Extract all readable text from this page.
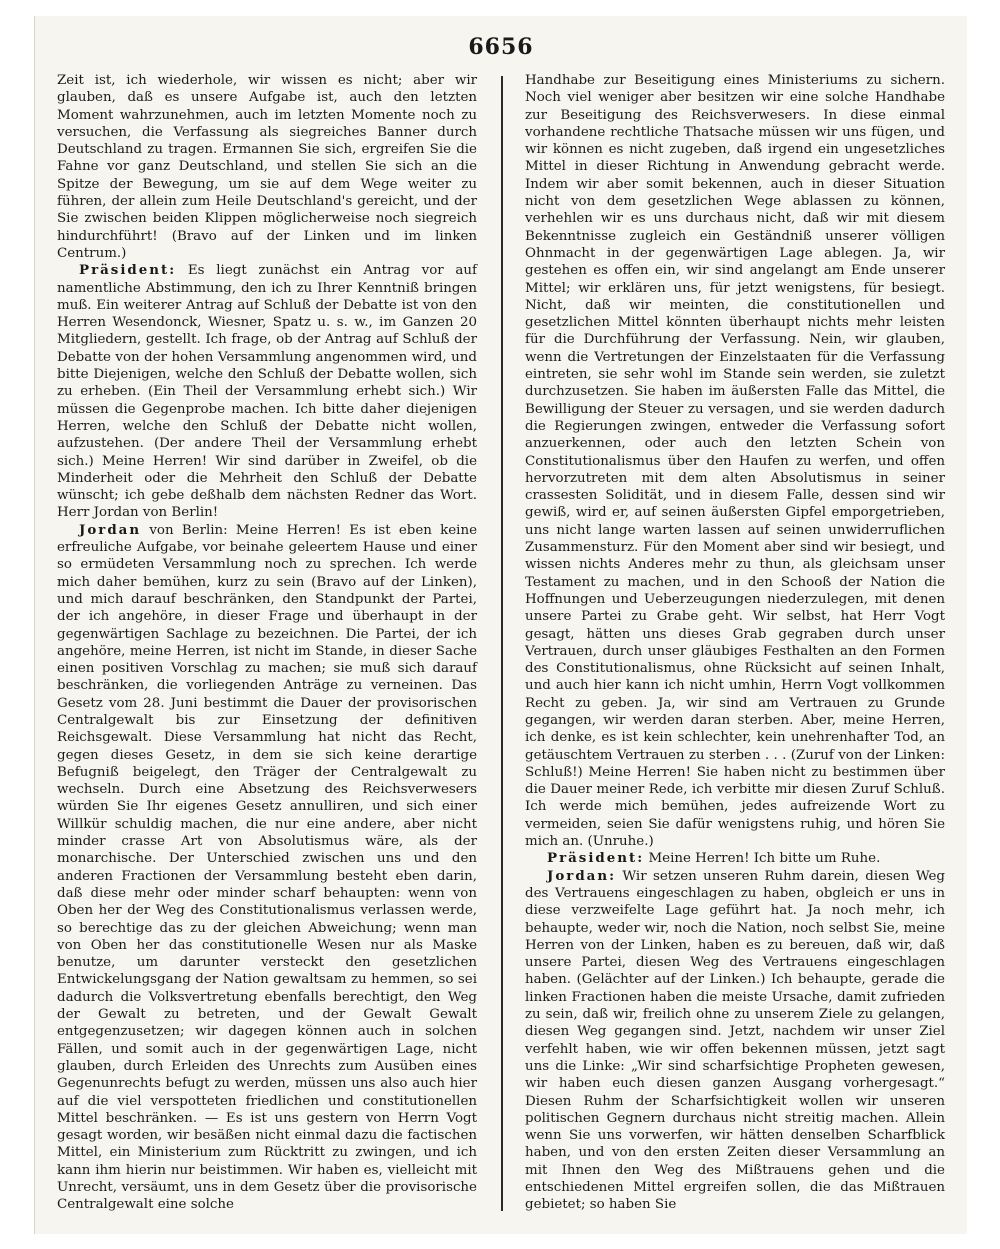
6656

Zeit ist, ich wiederhole, wir wissen es nicht; aber wir glauben, daß es unsere Aufgabe ist, auch den letzten Moment wahrzunehmen, auch im letzten Momente noch zu versuchen, die Verfassung als siegreiches Banner durch Deutschland zu tragen. Ermannen Sie sich, ergreifen Sie die Fahne vor ganz Deutschland, und stellen Sie sich an die Spitze der Bewegung, um sie auf dem Wege weiter zu führen, der allein zum Heile Deutschland's gereicht, und der Sie zwischen beiden Klippen möglicherweise noch siegreich hindurchführt! (Bravo auf der Linken und im linken Centrum.)

Präsident: Es liegt zunächst ein Antrag vor auf namentliche Abstimmung, den ich zu Ihrer Kenntniß bringen muß. Ein weiterer Antrag auf Schluß der Debatte ist von den Herren Wesendonck, Wiesner, Spatz u. s. w., im Ganzen 20 Mitgliedern, gestellt. Ich frage, ob der Antrag auf Schluß der Debatte von der hohen Versammlung angenommen wird, und bitte Diejenigen, welche den Schluß der Debatte wollen, sich zu erheben. (Ein Theil der Versammlung erhebt sich.) Wir müssen die Gegenprobe machen. Ich bitte daher diejenigen Herren, welche den Schluß der Debatte nicht wollen, aufzustehen. (Der andere Theil der Versammlung erhebt sich.) Meine Herren! Wir sind darüber in Zweifel, ob die Minderheit oder die Mehrheit den Schluß der Debatte wünscht; ich gebe deßhalb dem nächsten Redner das Wort. Herr Jordan von Berlin!

Jordan von Berlin: Meine Herren! Es ist eben keine erfreuliche Aufgabe, vor beinahe geleertem Hause und einer so ermüdeten Versammlung noch zu sprechen. Ich werde mich daher bemühen, kurz zu sein (Bravo auf der Linken), und mich darauf beschränken, den Standpunkt der Partei, der ich angehöre, in dieser Frage und überhaupt in der gegenwärtigen Sachlage zu bezeichnen. Die Partei, der ich angehöre, meine Herren, ist nicht im Stande, in dieser Sache einen positiven Vorschlag zu machen; sie muß sich darauf beschränken, die vorliegenden Anträge zu verneinen. Das Gesetz vom 28. Juni bestimmt die Dauer der provisorischen Centralgewalt bis zur Einsetzung der definitiven Reichsgewalt. Diese Versammlung hat nicht das Recht, gegen dieses Gesetz, in dem sie sich keine derartige Befugniß beigelegt, den Träger der Centralgewalt zu wechseln. Durch eine Absetzung des Reichsverwesers würden Sie Ihr eigenes Gesetz annulliren, und sich einer Willkür schuldig machen, die nur eine andere, aber nicht minder crasse Art von Absolutismus wäre, als der monarchische. Der Unterschied zwischen uns und den anderen Fractionen der Versammlung besteht eben darin, daß diese mehr oder minder scharf behaupten: wenn von Oben her der Weg des Constitutionalismus verlassen werde, so berechtige das zu der gleichen Abweichung; wenn man von Oben her das constitutionelle Wesen nur als Maske benutze, um darunter versteckt den gesetzlichen Entwickelungsgang der Nation gewaltsam zu hemmen, so sei dadurch die Volksvertretung ebenfalls berechtigt, den Weg der Gewalt zu betreten, und der Gewalt Gewalt entgegenzusetzen; wir dagegen können auch in solchen Fällen, und somit auch in der gegenwärtigen Lage, nicht glauben, durch Erleiden des Unrechts zum Ausüben eines Gegenunrechts befugt zu werden, müssen uns also auch hier auf die viel verspotteten friedlichen und constitutionellen Mittel beschränken. — Es ist uns gestern von Herrn Vogt gesagt worden, wir besäßen nicht einmal dazu die factischen Mittel, ein Ministerium zum Rücktritt zu zwingen, und ich kann ihm hierin nur beistimmen. Wir haben es, vielleicht mit Unrecht, versäumt, uns in dem Gesetz über die provisorische Centralgewalt eine solche

Handhabe zur Beseitigung eines Ministeriums zu sichern. Noch viel weniger aber besitzen wir eine solche Handhabe zur Beseitigung des Reichsverwesers. In diese einmal vorhandene rechtliche Thatsache müssen wir uns fügen, und wir können es nicht zugeben, daß irgend ein ungesetzliches Mittel in dieser Richtung in Anwendung gebracht werde. Indem wir aber somit bekennen, auch in dieser Situation nicht von dem gesetzlichen Wege ablassen zu können, verhehlen wir es uns durchaus nicht, daß wir mit diesem Bekenntnisse zugleich ein Geständniß unserer völligen Ohnmacht in der gegenwärtigen Lage ablegen. Ja, wir gestehen es offen ein, wir sind angelangt am Ende unserer Mittel; wir erklären uns, für jetzt wenigstens, für besiegt. Nicht, daß wir meinten, die constitutionellen und gesetzlichen Mittel könnten überhaupt nichts mehr leisten für die Durchführung der Verfassung. Nein, wir glauben, wenn die Vertretungen der Einzelstaaten für die Verfassung eintreten, sie sehr wohl im Stande sein werden, sie zuletzt durchzusetzen. Sie haben im äußersten Falle das Mittel, die Bewilligung der Steuer zu versagen, und sie werden dadurch die Regierungen zwingen, entweder die Verfassung sofort anzuerkennen, oder auch den letzten Schein von Constitutionalismus über den Haufen zu werfen, und offen hervorzutreten mit dem alten Absolutismus in seiner crassesten Solidität, und in diesem Falle, dessen sind wir gewiß, wird er, auf seinen äußersten Gipfel emporgetrieben, uns nicht lange warten lassen auf seinen unwiderruflichen Zusammensturz. Für den Moment aber sind wir besiegt, und wissen nichts Anderes mehr zu thun, als gleichsam unser Testament zu machen, und in den Schooß der Nation die Hoffnungen und Ueberzeugungen niederzulegen, mit denen unsere Partei zu Grabe geht. Wir selbst, hat Herr Vogt gesagt, hätten uns dieses Grab gegraben durch unser Vertrauen, durch unser gläubiges Festhalten an den Formen des Constitutionalismus, ohne Rücksicht auf seinen Inhalt, und auch hier kann ich nicht umhin, Herrn Vogt vollkommen Recht zu geben. Ja, wir sind am Vertrauen zu Grunde gegangen, wir werden daran sterben. Aber, meine Herren, ich denke, es ist kein schlechter, kein unehrenhafter Tod, an getäuschtem Vertrauen zu sterben . . . (Zuruf von der Linken: Schluß!) Meine Herren! Sie haben nicht zu bestimmen über die Dauer meiner Rede, ich verbitte mir diesen Zuruf Schluß. Ich werde mich bemühen, jedes aufreizende Wort zu vermeiden, seien Sie dafür wenigstens ruhig, und hören Sie mich an. (Unruhe.)

Präsident: Meine Herren! Ich bitte um Ruhe.

Jordan: Wir setzen unseren Ruhm darein, diesen Weg des Vertrauens eingeschlagen zu haben, obgleich er uns in diese verzweifelte Lage geführt hat. Ja noch mehr, ich behaupte, weder wir, noch die Nation, noch selbst Sie, meine Herren von der Linken, haben es zu bereuen, daß wir, daß unsere Partei, diesen Weg des Vertrauens eingeschlagen haben. (Gelächter auf der Linken.) Ich behaupte, gerade die linken Fractionen haben die meiste Ursache, damit zufrieden zu sein, daß wir, freilich ohne zu unserem Ziele zu gelangen, diesen Weg gegangen sind. Jetzt, nachdem wir unser Ziel verfehlt haben, wie wir offen bekennen müssen, jetzt sagt uns die Linke: „Wir sind scharfsichtige Propheten gewesen, wir haben euch diesen ganzen Ausgang vorhergesagt.“ Diesen Ruhm der Scharfsichtigkeit wollen wir unseren politischen Gegnern durchaus nicht streitig machen. Allein wenn Sie uns vorwerfen, wir hätten denselben Scharfblick haben, und von den ersten Zeiten dieser Versammlung an mit Ihnen den Weg des Mißtrauens gehen und die entschiedenen Mittel ergreifen sollen, die das Mißtrauen gebietet; so haben Sie
